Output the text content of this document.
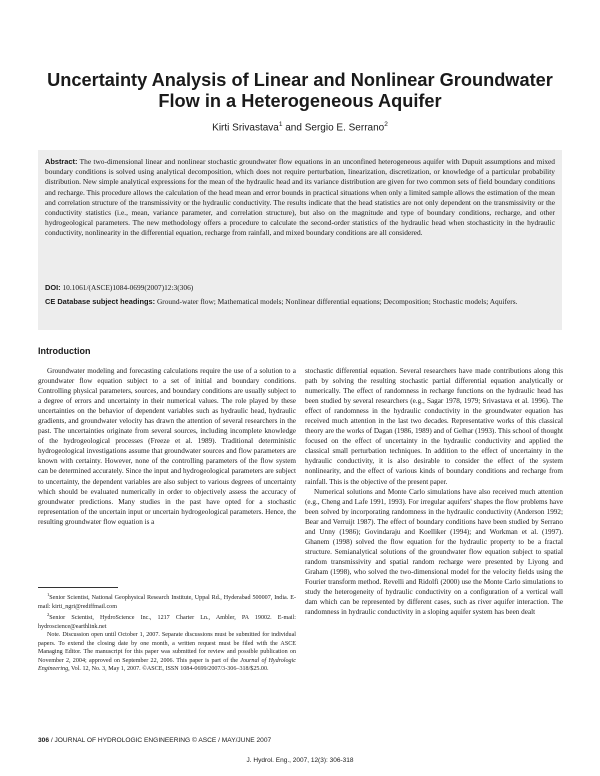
Uncertainty Analysis of Linear and Nonlinear Groundwater Flow in a Heterogeneous Aquifer
Kirti Srivastava$^1$ and Sergio E. Serrano$^2$
Abstract: The two-dimensional linear and nonlinear stochastic groundwater flow equations in an unconfined heterogeneous aquifer with Dupuit assumptions and mixed boundary conditions is solved using analytical decomposition, which does not require perturbation, linearization, discretization, or knowledge of a particular probability distribution. New simple analytical expressions for the mean of the hydraulic head and its variance distribution are given for two common sets of field boundary conditions and recharge. This procedure allows the calculation of the head mean and error bounds in practical situations when only a limited sample allows the estimation of the mean and correlation structure of the transmissivity or the hydraulic conductivity. The results indicate that the head statistics are not only dependent on the transmissivity or the conductivity statistics (i.e., mean, variance parameter, and correlation structure), but also on the magnitude and type of boundary conditions, recharge, and other hydrogeological parameters. The new methodology offers a procedure to calculate the second-order statistics of the hydraulic head when stochasticity in the hydraulic conductivity, nonlinearity in the differential equation, recharge from rainfall, and mixed boundary conditions are all considered.
DOI: 10.1061/(ASCE)1084-0699(2007)12:3(306)
CE Database subject headings: Ground-water flow; Mathematical models; Nonlinear differential equations; Decomposition; Stochastic models; Aquifers.
Introduction

Groundwater modeling and forecasting calculations require the use of a solution to a groundwater flow equation subject to a set of initial and boundary conditions. Controlling physical parameters, sources, and boundary conditions are usually subject to a degree of errors and uncertainty in their numerical values. The role played by these uncertainties on the behavior of dependent variables such as hydraulic head, hydraulic gradients, and groundwater velocity has drawn the attention of several researchers in the past. The uncertainties originate from several sources, including incomplete knowledge of the hydrogeological processes (Freeze et al. 1989). Traditional deterministic hydrogeological investigations assume that groundwater sources and flow parameters are known with certainty. However, none of the controlling parameters of the flow system can be determined accurately. Since the input and hydrogeological parameters are subject to uncertainty, the dependent variables are also subject to various degrees of uncertainty which should be evaluated numerically in order to objectively assess the accuracy of groundwater predictions. Many studies in the past have opted for a stochastic representation of the uncertain input or uncertain hydrogeological parameters. Hence, the resulting groundwater flow equation is a

stochastic differential equation. Several researchers have made contributions along this path by solving the resulting stochastic partial differential equation analytically or numerically. The effect of randomness in recharge functions on the hydraulic head has been studied by several researchers (e.g., Sagar 1978, 1979; Srivastava et al. 1996). The effect of randomness in the hydraulic conductivity in the groundwater equation has received much attention in the last two decades. Representative works of this classical theory are the works of Dagan (1986, 1989) and of Gelhar (1993). This school of thought focused on the effect of uncertainty in the hydraulic conductivity and applied the classical small perturbation techniques. In addition to the effect of uncertainty in the hydraulic conductivity, it is also desirable to consider the effect of the system nonlinearity, and the effect of various kinds of boundary conditions and recharge from rainfall. This is the objective of the present paper.

Numerical solutions and Monte Carlo simulations have also received much attention (e.g., Cheng and Lafe 1991, 1993). For irregular aquifers' shapes the flow problems have been solved by incorporating randomness in the hydraulic conductivity (Anderson 1992; Bear and Verruijt 1987). The effect of boundary conditions have been studied by Serrano and Unny (1986); Govindaraju and Koelliker (1994); and Workman et al. (1997). Ghanem (1998) solved the flow equation for the hydraulic property to be a fractal structure. Semianalytical solutions of the groundwater flow equation subject to spatial random transmissivity and spatial random recharge were presented by Liyong and Graham (1998), who solved the two-dimensional model for the velocity fields using the Fourier transform method. Revelli and Ridolfi (2000) use the Monte Carlo simulations to study the heterogeneity of hydraulic conductivity on a configuration of a vertical wall dam which can be represented by different cases, such as river aquifer interaction. The randomness in hydraulic conductivity in a sloping aquifer system has been dealt

$^1$Senior Scientist, National Geophysical Research Institute, Uppal Rd., Hyderabad 500007, India. E-mail: kirti_ngri@rediffmail.com

$^2$Senior Scientist, HydroScience Inc., 1217 Charter Ln., Ambler, PA 19002. E-mail: hydroscience@earthlink.net

Note. Discussion open until October 1, 2007. Separate discussions must be submitted for individual papers. To extend the closing date by one month, a written request must be filed with the ASCE Managing Editor. The manuscript for this paper was submitted for review and possible publication on November 2, 2004; approved on September 22, 2006. This paper is part of the Journal of Hydrologic Engineering, Vol. 12, No. 3, May 1, 2007. ©ASCE, ISSN 1084-0699/2007/3-306–318/$25.00.

306 / JOURNAL OF HYDROLOGIC ENGINEERING © ASCE / MAY/JUNE 2007
J. Hydrol. Eng., 2007, 12(3): 306-318
